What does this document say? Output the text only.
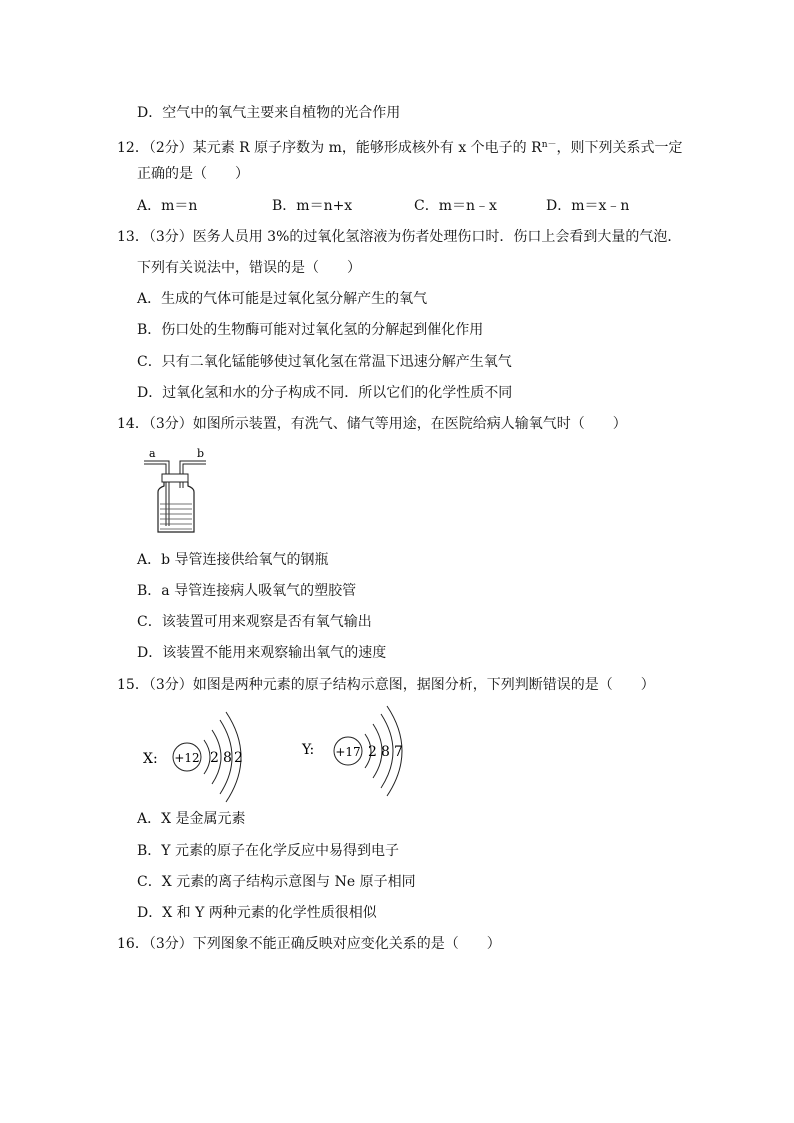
D．空气中的氧气主要来自植物的光合作用
12．（2分）某元素 R 原子序数为 m，能够形成核外有 x 个电子的 $R^{n-}$，则下列关系式一定
正确的是（　　）
A．m＝n	B．m＝n+x	C．m＝n﹣x	D．m＝x﹣n
13．（3分）医务人员用 3%的过氧化氢溶液为伤者处理伤口时．伤口上会看到大量的气泡．
下列有关说法中，错误的是（　　）
A．生成的气体可能是过氧化氢分解产生的氧气
B．伤口处的生物酶可能对过氧化氢的分解起到催化作用
C．只有二氧化锰能够使过氧化氢在常温下迅速分解产生氧气
D．过氧化氢和水的分子构成不同．所以它们的化学性质不同
14．（3分）如图所示装置，有洗气、储气等用途，在医院给病人输氧气时（　　）
a	b
A．b 导管连接供给氧气的钢瓶
B．a 导管连接病人吸氧气的塑胶管
C．该装置可用来观察是否有氧气输出
D．该装置不能用来观察输出氧气的速度
15．（3分）如图是两种元素的原子结构示意图，据图分析，下列判断错误的是（　　）
X: +12 2 8 2	Y: +17 2 8 7
A．X 是金属元素
B．Y 元素的原子在化学反应中易得到电子
C．X 元素的离子结构示意图与 Ne 原子相同
D．X 和 Y 两种元素的化学性质很相似
16．（3分）下列图象不能正确反映对应变化关系的是（　　）
